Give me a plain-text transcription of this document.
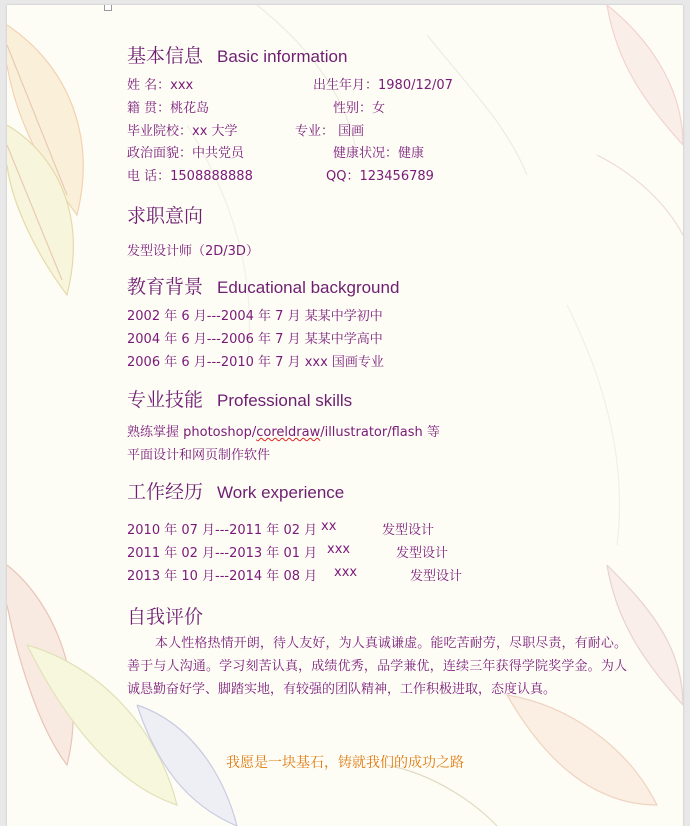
基本信息 Basic information
姓 名：xxx	出生年月：1980/12/07
籍 贯：桃花岛	性别：女
毕业院校：xx 大学	专业： 国画
政治面貌：中共党员	健康状况：健康
电 话：1508888888	QQ：123456789
求职意向
发型设计师（2D/3D）
教育背景 Educational background
2002 年 6 月---2004 年 7 月 某某中学初中
2004 年 6 月---2006 年 7 月 某某中学高中
2006 年 6 月---2010 年 7 月 xxx 国画专业
专业技能 Professional skills
熟练掌握 photoshop/coreldraw/illustrator/flash 等
平面设计和网页制作软件
工作经历 Work experience
2010 年 07 月---2011 年 02 月 xx	发型设计
2011 年 02 月---2013 年 01 月 xxx	发型设计
2013 年 10 月---2014 年 08 月 xxx	发型设计
自我评价
本人性格热情开朗，待人友好，为人真诚谦虚。能吃苦耐劳，尽职尽责，有耐心。善于与人沟通。学习刻苦认真，成绩优秀，品学兼优，连续三年获得学院奖学金。为人诚恳勤奋好学、脚踏实地，有较强的团队精神，工作积极进取，态度认真。
我愿是一块基石，铸就我们的成功之路
